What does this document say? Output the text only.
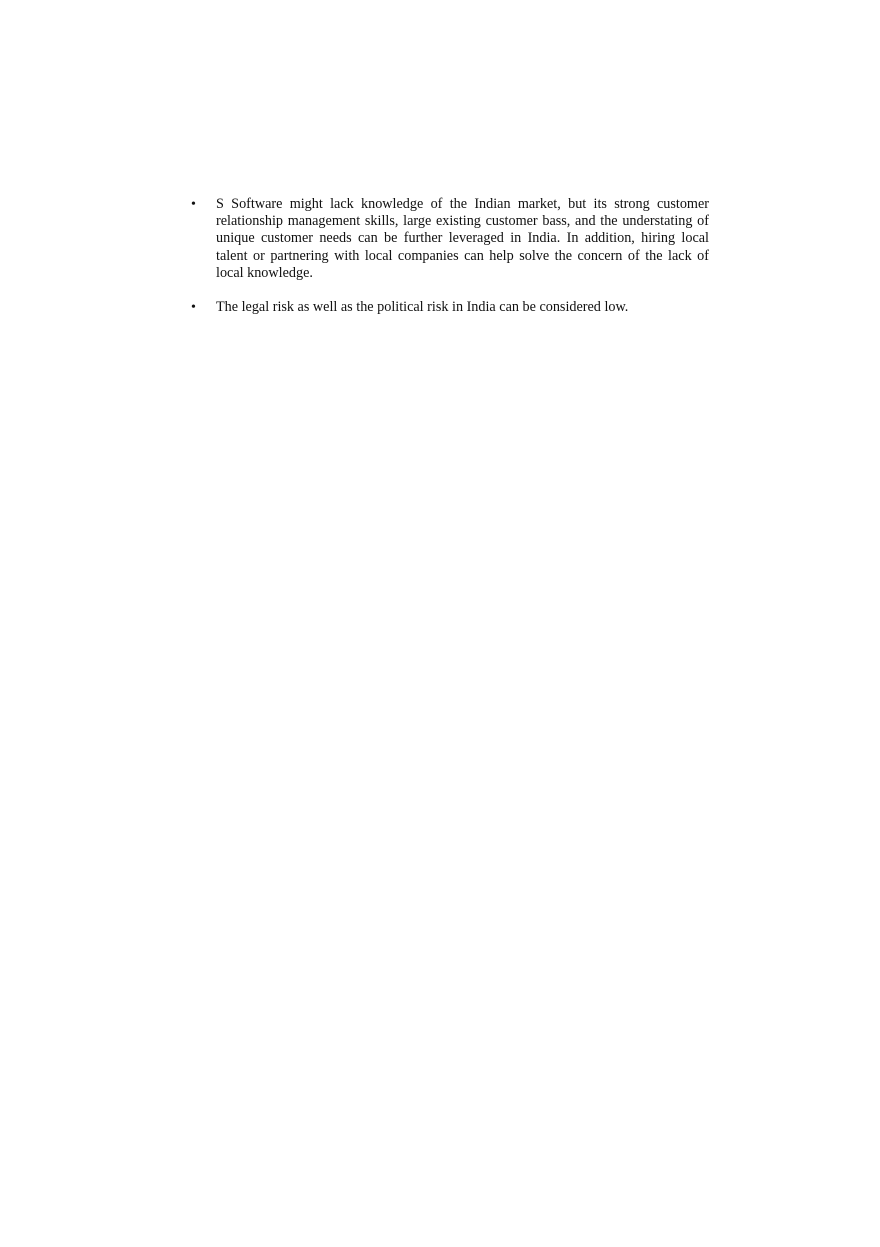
•	S Software might lack knowledge of the Indian market, but its strong customer relationship management skills, large existing customer bass, and the understating of unique customer needs can be further leveraged in India. In addition, hiring local talent or partnering with local companies can help solve the concern of the lack of local knowledge.
•	The legal risk as well as the political risk in India can be considered low.
